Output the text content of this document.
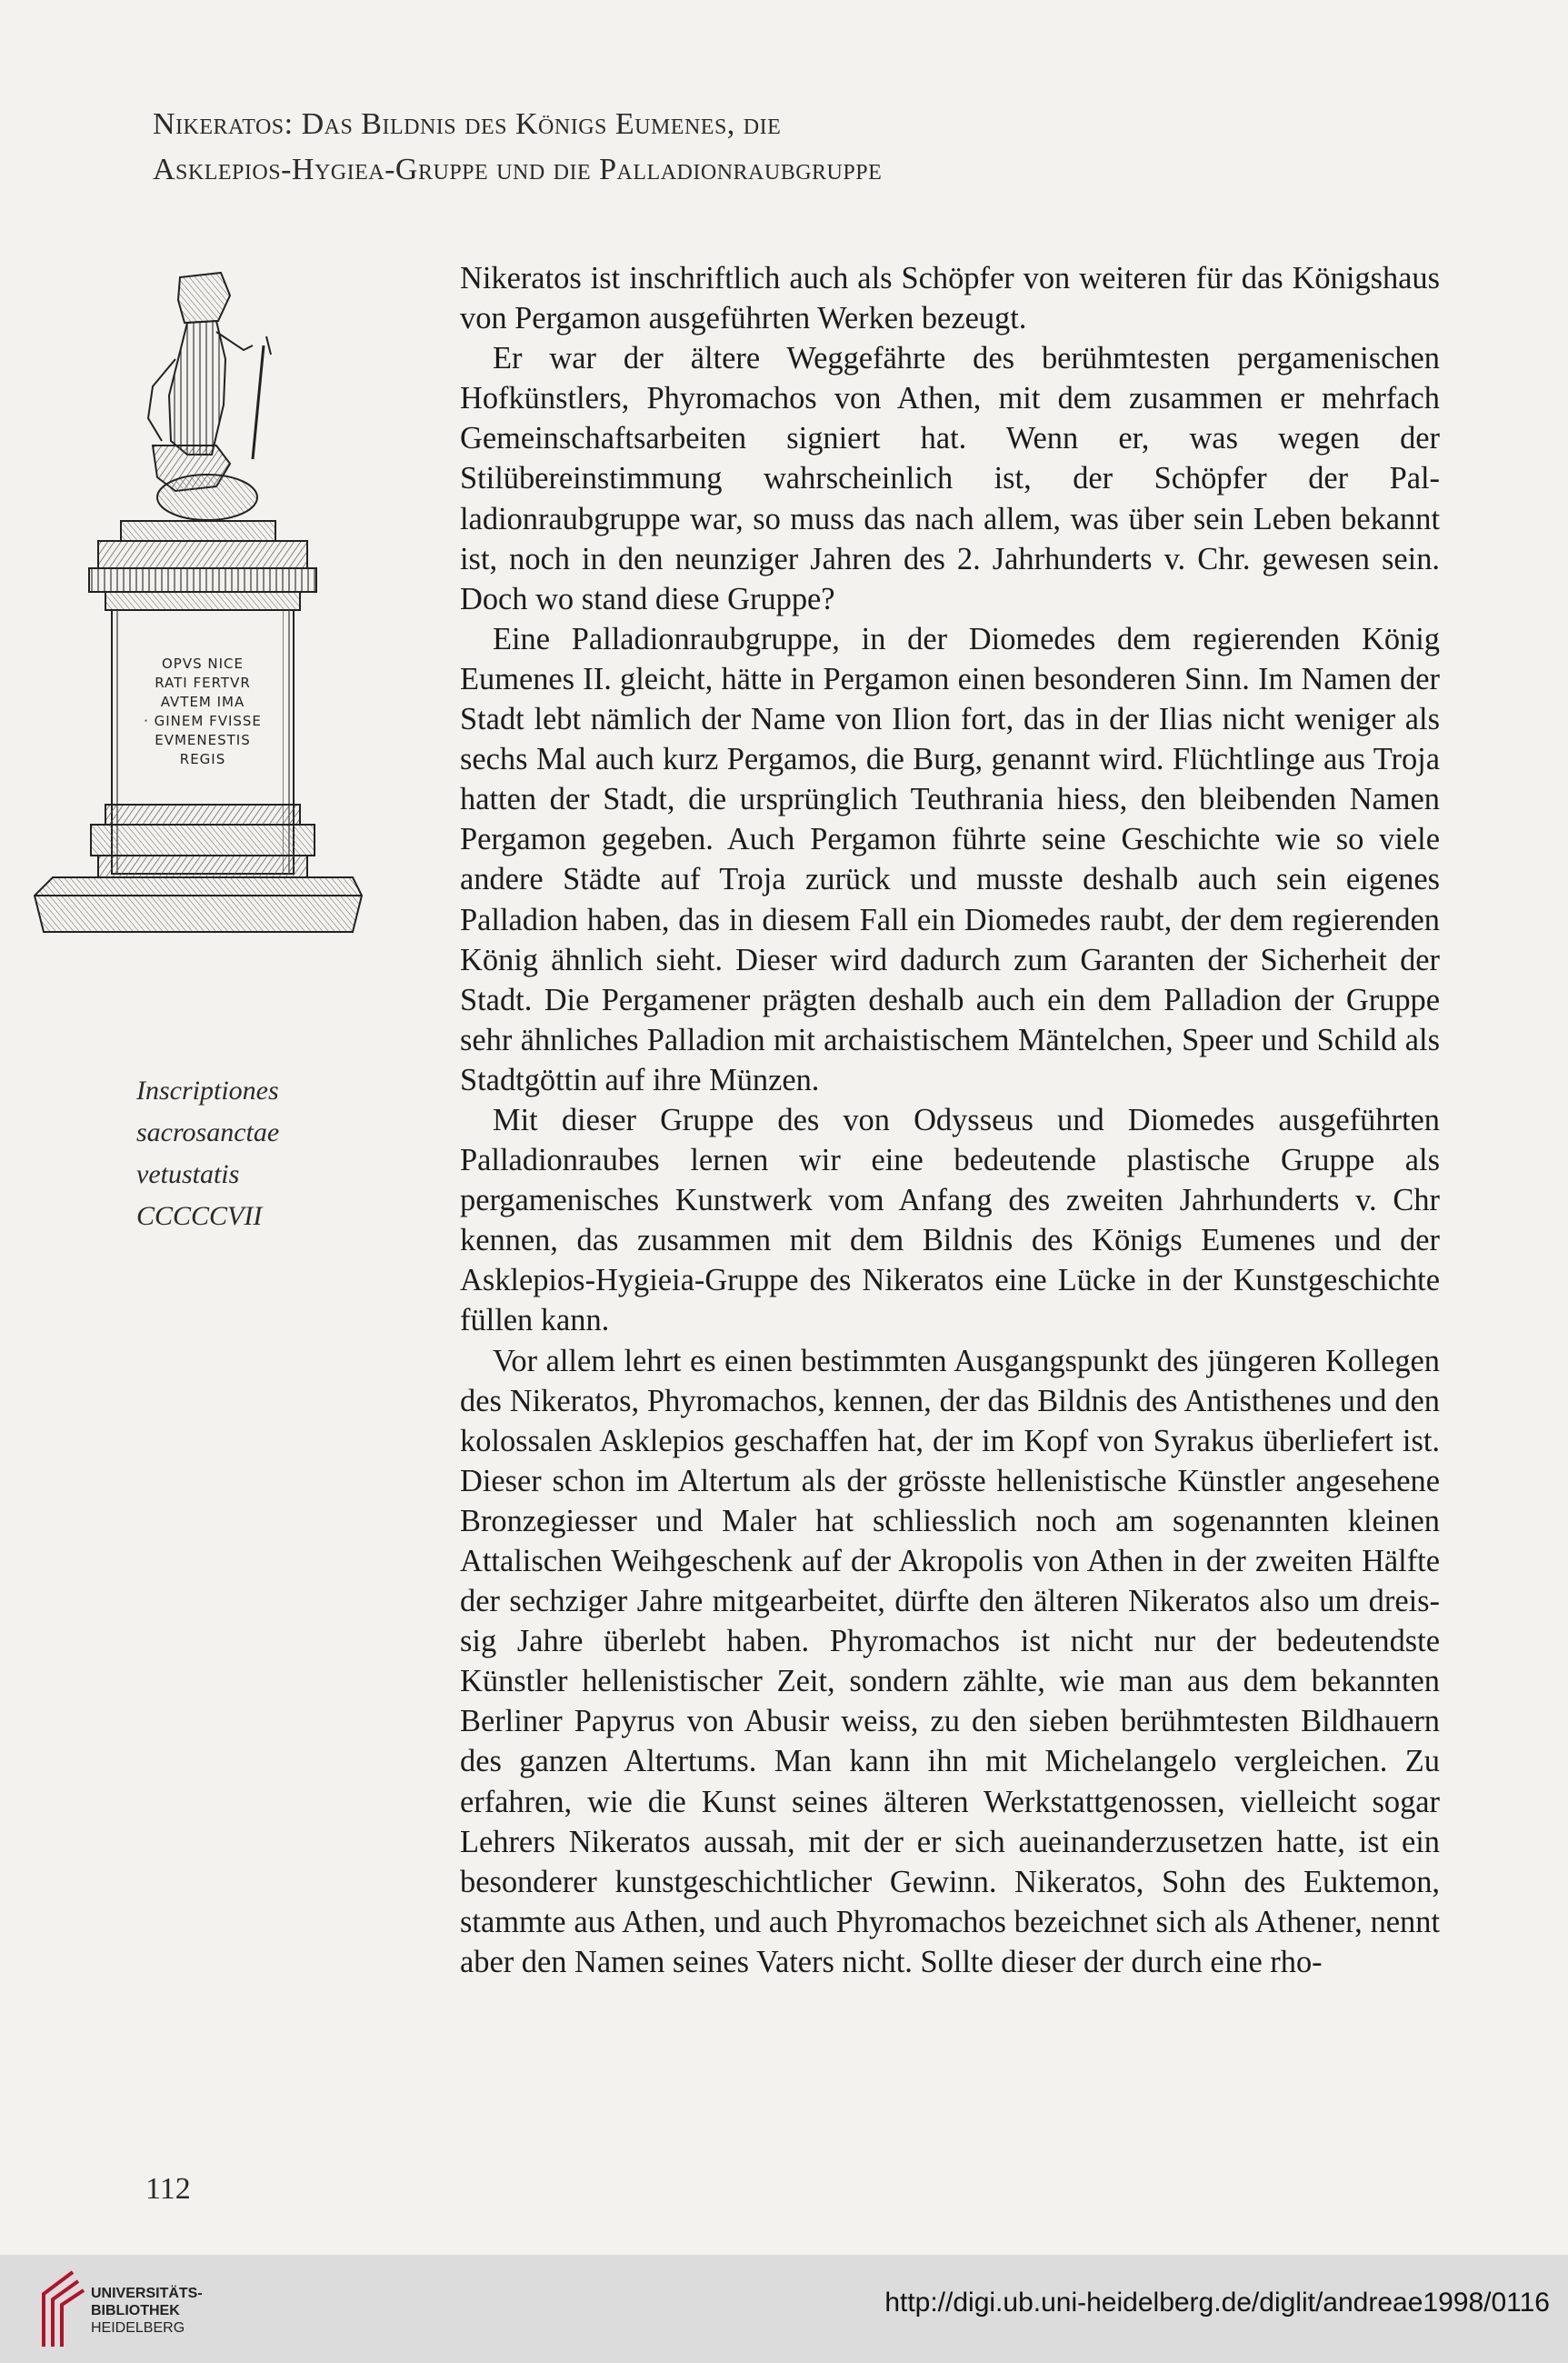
Nikeratos: Das Bildnis des Königs Eumenes, die
Asklepios-Hygiea-Gruppe und die Palladionraubgruppe
OPVS NICE
RATI FERTVR
AVTEM IMA
· GINEM FVISSE
EVMENESTIS
REGIS
Inscriptiones
sacrosanctae
vetustatis
CCCCCVII

Nikeratos ist inschriftlich auch als Schöpfer von weiteren für das Königshaus von Pergamon ausgeführten Werken bezeugt.

Er war der ältere Weggefährte des berühmtesten pergamenischen Hofkünstlers, Phyromachos von Athen, mit dem zusammen er mehrfach Gemeinschaftsarbeiten signiert hat. Wenn er, was wegen der Stilübereinstimmung wahrscheinlich ist, der Schöpfer der Palladionraubgruppe war, so muss das nach allem, was über sein Leben bekannt ist, noch in den neunziger Jahren des 2. Jahrhunderts v. Chr. gewesen sein. Doch wo stand diese Gruppe?

Eine Palladionraubgruppe, in der Diomedes dem regierenden König Eumenes II. gleicht, hätte in Pergamon einen besonderen Sinn. Im Namen der Stadt lebt nämlich der Name von Ilion fort, das in der Ilias nicht weniger als sechs Mal auch kurz Pergamos, die Burg, genannt wird. Flüchtlinge aus Troja hatten der Stadt, die ursprünglich Teuthrania hiess, den bleibenden Namen Pergamon gegeben. Auch Pergamon führte seine Geschichte wie so viele andere Städte auf Troja zurück und musste deshalb auch sein eigenes Palladion haben, das in diesem Fall ein Diomedes raubt, der dem regierenden König ähnlich sieht. Dieser wird dadurch zum Garanten der Sicherheit der Stadt. Die Pergamener prägten deshalb auch ein dem Palladion der Gruppe sehr ähnliches Palladion mit archaistischem Mäntelchen, Speer und Schild als Stadtgöttin auf ihre Münzen.

Mit dieser Gruppe des von Odysseus und Diomedes ausgeführten Palladionraubes lernen wir eine bedeutende plastische Gruppe als pergamenisches Kunstwerk vom Anfang des zweiten Jahrhunderts v. Chr kennen, das zusammen mit dem Bildnis des Königs Eumenes und der Asklepios-Hygieia-Gruppe des Nikeratos eine Lücke in der Kunstgeschichte füllen kann.

Vor allem lehrt es einen bestimmten Ausgangspunkt des jüngeren Kollegen des Nikeratos, Phyromachos, kennen, der das Bildnis des Antisthenes und den kolossalen Asklepios geschaffen hat, der im Kopf von Syrakus überliefert ist. Dieser schon im Altertum als der grösste hellenistische Künstler angesehene Bronzegiesser und Maler hat schliesslich noch am sogenannten kleinen Attalischen Weihgeschenk auf der Akropolis von Athen in der zweiten Hälfte der sechziger Jahre mitgearbeitet, dürfte den älteren Nikeratos also um dreissig Jahre überlebt haben. Phyromachos ist nicht nur der bedeutendste Künstler hellenistischer Zeit, sondern zählte, wie man aus dem bekannten Berliner Papyrus von Abusir weiss, zu den sieben berühmtesten Bildhauern des ganzen Altertums. Man kann ihn mit Michelangelo vergleichen. Zu erfahren, wie die Kunst seines älteren Werkstattgenossen, vielleicht sogar Lehrers Nikeratos aussah, mit der er sich aueinanderzusetzen hatte, ist ein besonderer kunstgeschichtlicher Gewinn. Nikeratos, Sohn des Euktemon, stammte aus Athen, und auch Phyromachos bezeichnet sich als Athener, nennt aber den Namen seines Vaters nicht. Sollte dieser der durch eine rho-

112
UNIVERSITÄTS-
BIBLIOTHEK
HEIDELBERG
http://digi.ub.uni-heidelberg.de/diglit/andreae1998/0116
